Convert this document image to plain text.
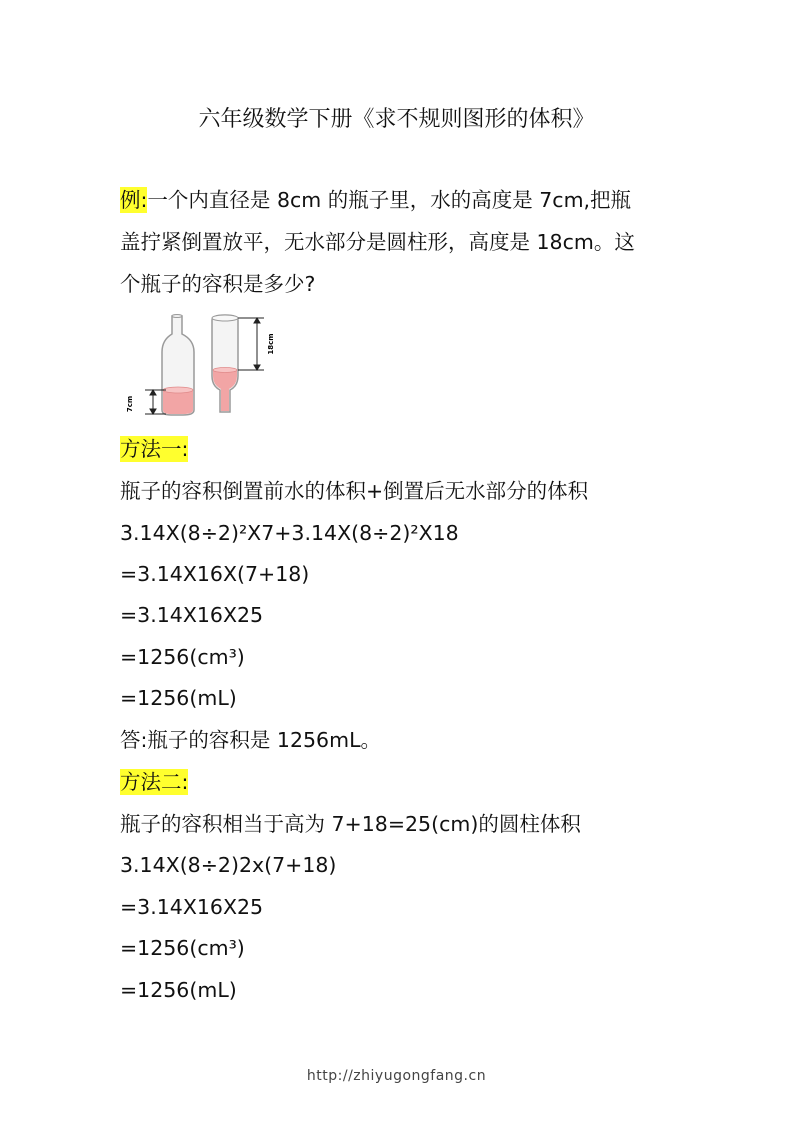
六年级数学下册《求不规则图形的体积》
例:一个内直径是 8cm 的瓶子里，水的高度是 7cm,把瓶
盖拧紧倒置放平，无水部分是圆柱形，高度是 18cm。这
个瓶子的容积是多少?
7cm
18cm
方法一:
瓶子的容积倒置前水的体积+倒置后无水部分的体积
3.14X(8÷2)²X7+3.14X(8÷2)²X18
=3.14X16X(7+18)
=3.14X16X25
=1256(cm³)
=1256(mL)
答:瓶子的容积是 1256mL。
方法二:
瓶子的容积相当于高为 7+18=25(cm)的圆柱体积
3.14X(8÷2)2x(7+18)
=3.14X16X25
=1256(cm³)
=1256(mL)
http://zhiyugongfang.cn
